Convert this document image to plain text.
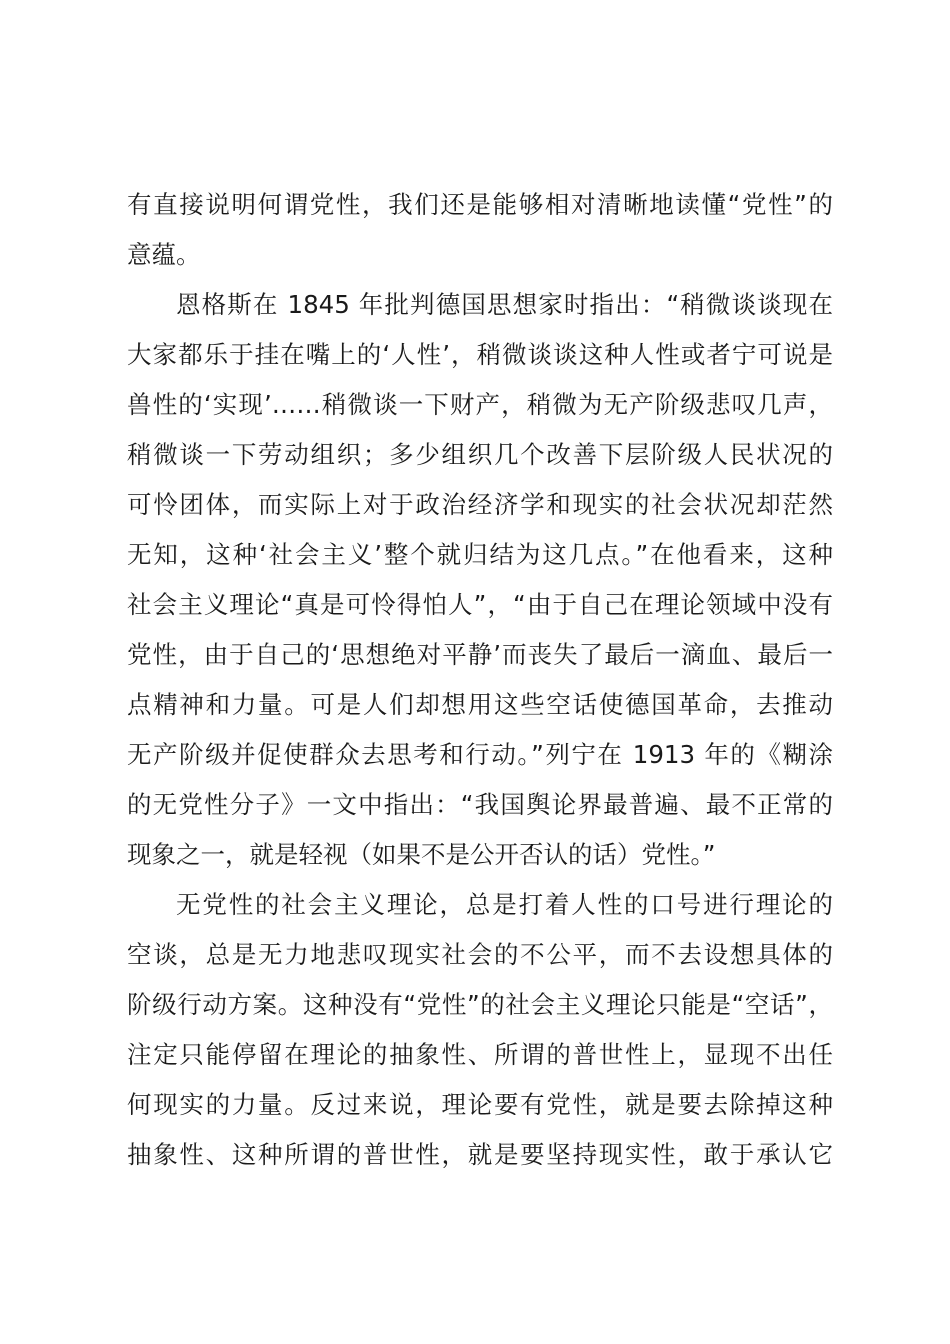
有直接说明何谓党性，我们还是能够相对清晰地读懂“党性”的
意蕴。
恩格斯在 1845 年批判德国思想家时指出：“稍微谈谈现在
大家都乐于挂在嘴上的‘人性’，稍微谈谈这种人性或者宁可说是
兽性的‘实现’……稍微谈一下财产，稍微为无产阶级悲叹几声，
稍微谈一下劳动组织；多少组织几个改善下层阶级人民状况的
可怜团体，而实际上对于政治经济学和现实的社会状况却茫然
无知，这种‘社会主义’整个就归结为这几点。”在他看来，这种
社会主义理论“真是可怜得怕人”，“由于自己在理论领域中没有
党性，由于自己的‘思想绝对平静’而丧失了最后一滴血、最后一
点精神和力量。可是人们却想用这些空话使德国革命，去推动
无产阶级并促使群众去思考和行动。”列宁在 1913 年的《糊涂
的无党性分子》一文中指出：“我国舆论界最普遍、最不正常的
现象之一，就是轻视（如果不是公开否认的话）党性。”
无党性的社会主义理论，总是打着人性的口号进行理论的
空谈，总是无力地悲叹现实社会的不公平，而不去设想具体的
阶级行动方案。这种没有“党性”的社会主义理论只能是“空话”，
注定只能停留在理论的抽象性、所谓的普世性上，显现不出任
何现实的力量。反过来说，理论要有党性，就是要去除掉这种
抽象性、这种所谓的普世性，就是要坚持现实性，敢于承认它
